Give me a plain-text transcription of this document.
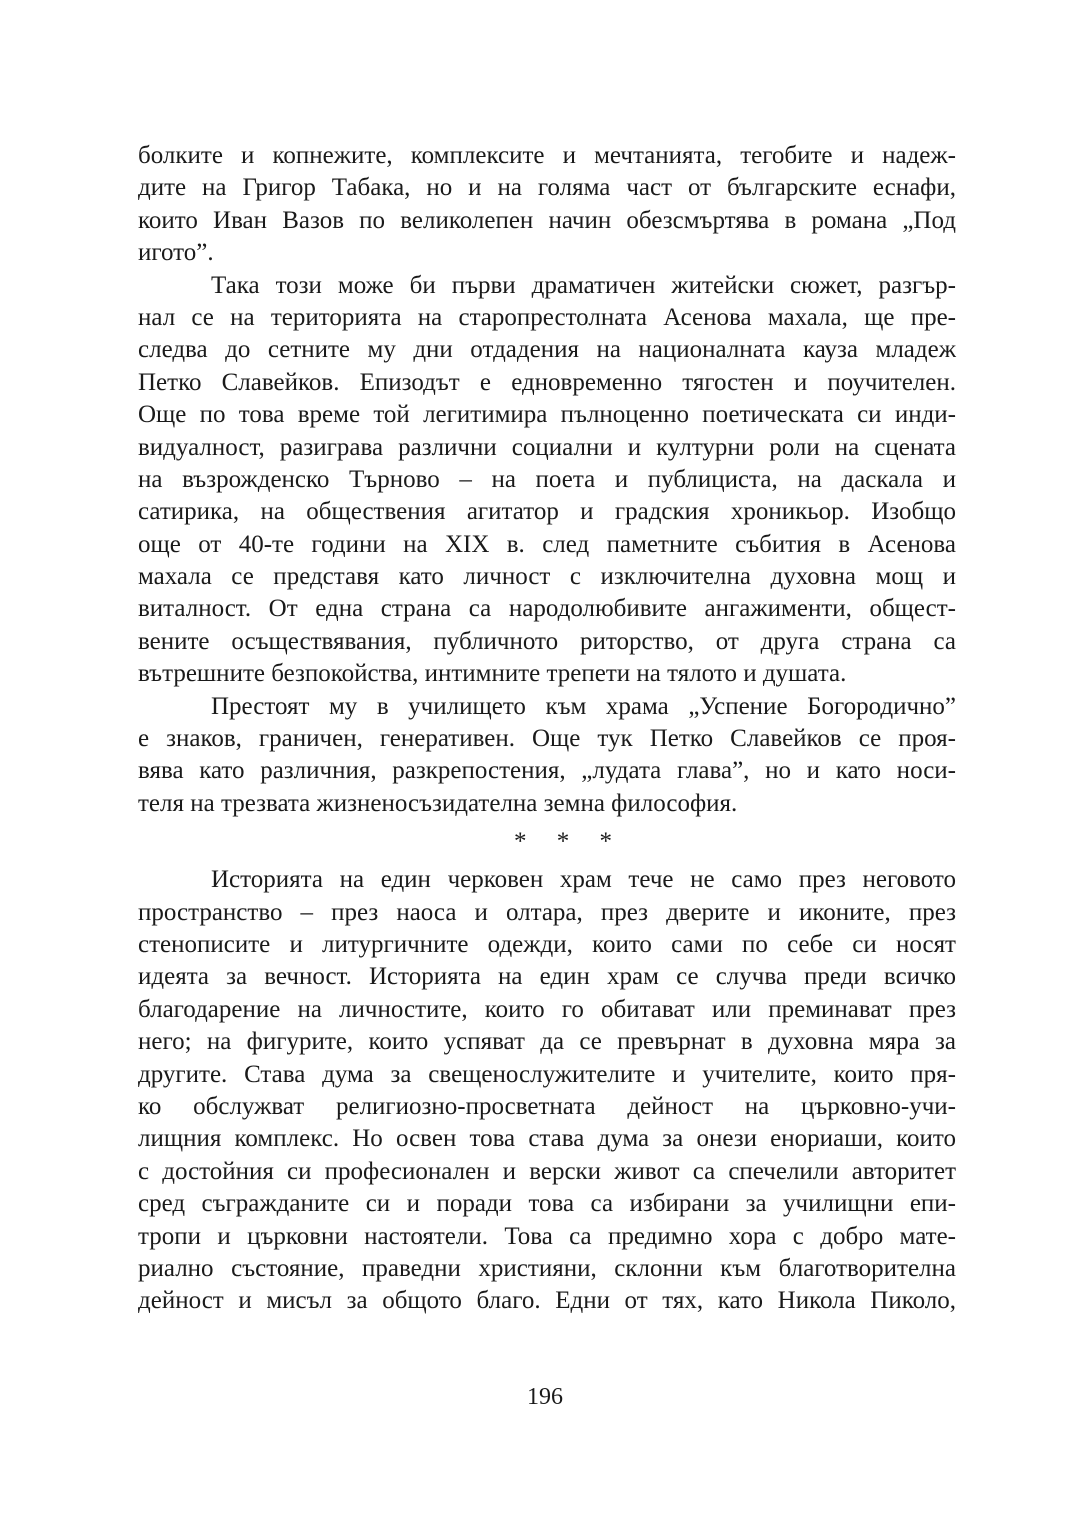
болките и копнежите, комплексите и мечтанията, тегобите и надеж-
дите на Григор Табака, но и на голяма част от българските еснафи,
които Иван Вазов по великолепен начин обезсмъртява в романа „Под
игото”.
Така този може би първи драматичен житейски сюжет, разгър-
нал се на територията на старопрестолната Асенова махала, ще пре-
следва до сетните му дни отдадения на националната кауза младеж
Петко Славейков. Епизодът е едновременно тягостен и поучителен.
Още по това време той легитимира пълноценно поетическата си инди-
видуалност, разиграва различни социални и културни роли на сцената
на възрожденско Търново – на поета и публициста, на даскала и
сатирика, на обществения агитатор и градския хроникьор. Изобщо
още от 40-те години на XIX в. след паметните събития в Асенова
махала се представя като личност с изключителна духовна мощ и
виталност. От една страна са народолюбивите ангажименти, общест-
вените осъществявания, публичното риторство, от друга страна са
вътрешните безпокойства, интимните трепети на тялото и душата.
Престоят му в училището към храма „Успение Богородично”
е знаков, граничен, генеративен. Още тук Петко Славейков се проя-
вява като различния, разкрепостения, „лудата глава”, но и като носи-
теля на трезвата жизненосъзидателна земна философия.
* * *
Историята на един черковен храм тече не само през неговото
пространство – през наоса и олтара, през дверите и иконите, през
стенописите и литургичните одежди, които сами по себе си носят
идеята за вечност. Историята на един храм се случва преди всичко
благодарение на личностите, които го обитават или преминават през
него; на фигурите, които успяват да се превърнат в духовна мяра за
другите. Става дума за свещенослужителите и учителите, които пря-
ко обслужват религиозно-просветната дейност на църковно-учи-
лищния комплекс. Но освен това става дума за онези енориаши, които
с достойния си професионален и верски живот са спечелили авторитет
сред съгражданите си и поради това са избирани за училищни епи-
тропи и църковни настоятели. Това са предимно хора с добро мате-
риално състояние, праведни християни, склонни към благотворителна
дейност и мисъл за общото благо. Едни от тях, като Никола Пиколо,
196
